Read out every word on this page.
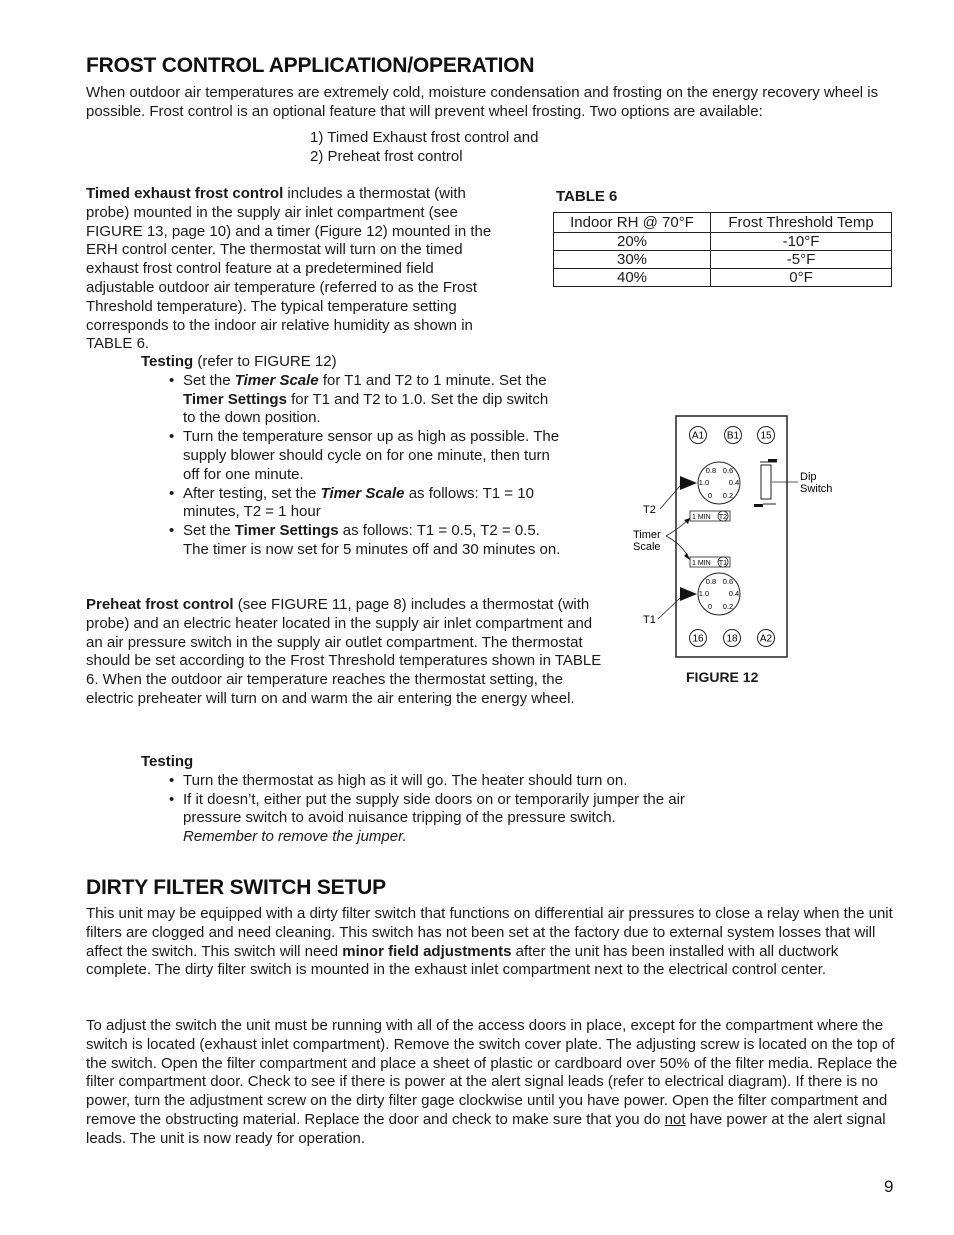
FROST CONTROL APPLICATION/OPERATION

When outdoor air temperatures are extremely cold, moisture condensation and frosting on the energy recovery wheel is possible. Frost control is an optional feature that will prevent wheel frosting. Two options are available:

1) Timed Exhaust frost control and
2) Preheat frost control

Timed exhaust frost control includes a thermostat (with probe) mounted in the supply air inlet compartment (see FIGURE 13, page 10) and a timer (Figure 12) mounted in the ERH control center. The thermostat will turn on the timed exhaust frost control feature at a predetermined field adjustable outdoor air temperature (referred to as the Frost Threshold temperature). The typical temperature setting corresponds to the indoor air relative humidity as shown in TABLE 6.

TABLE 6
Indoor RH @ 70°F	Frost Threshold Temp
20%	-10°F
30%	-5°F
40%	0°F

Testing (refer to FIGURE 12)

• Set the Timer Scale for T1 and T2 to 1 minute. Set the Timer Settings for T1 and T2 to 1.0. Set the dip switch to the down position.
• Turn the temperature sensor up as high as possible. The supply blower should cycle on for one minute, then turn off for one minute.
• After testing, set the Timer Scale as follows: T1 = 10 minutes, T2 = 1 hour
• Set the Timer Settings as follows: T1 = 0.5, T2 = 0.5. The timer is now set for 5 minutes off and 30 minutes on.
A1 B1 15
0.8 0.6
1.0	0.4
0 0.2
1 MIN T2
1 MIN T1
0.8 0.6
1.0	0.4
0 0.2
16 18 A2
T2
Timer
Scale
T1
Dip
Switch
FIGURE 12

Preheat frost control (see FIGURE 11, page 8) includes a thermostat (with probe) and an electric heater located in the supply air inlet compartment and an air pressure switch in the supply air outlet compartment. The thermostat should be set according to the Frost Threshold temperatures shown in TABLE 6. When the outdoor air temperature reaches the thermostat setting, the electric preheater will turn on and warm the air entering the energy wheel.

Testing

• Turn the thermostat as high as it will go. The heater should turn on.
• If it doesn’t, either put the supply side doors on or temporarily jumper the air pressure switch to avoid nuisance tripping of the pressure switch.
Remember to remove the jumper.
DIRTY FILTER SWITCH SETUP

This unit may be equipped with a dirty filter switch that functions on differential air pressures to close a relay when the unit filters are clogged and need cleaning. This switch has not been set at the factory due to external system losses that will affect the switch. This switch will need minor field adjustments after the unit has been installed with all ductwork complete. The dirty filter switch is mounted in the exhaust inlet compartment next to the electrical control center.

To adjust the switch the unit must be running with all of the access doors in place, except for the compartment where the switch is located (exhaust inlet compartment). Remove the switch cover plate. The adjusting screw is located on the top of the switch. Open the filter compartment and place a sheet of plastic or cardboard over 50% of the filter media. Replace the filter compartment door. Check to see if there is power at the alert signal leads (refer to electrical diagram). If there is no power, turn the adjustment screw on the dirty filter gage clockwise until you have power. Open the filter compartment and remove the obstructing material. Replace the door and check to make sure that you do not have power at the alert signal leads. The unit is now ready for operation.

9
